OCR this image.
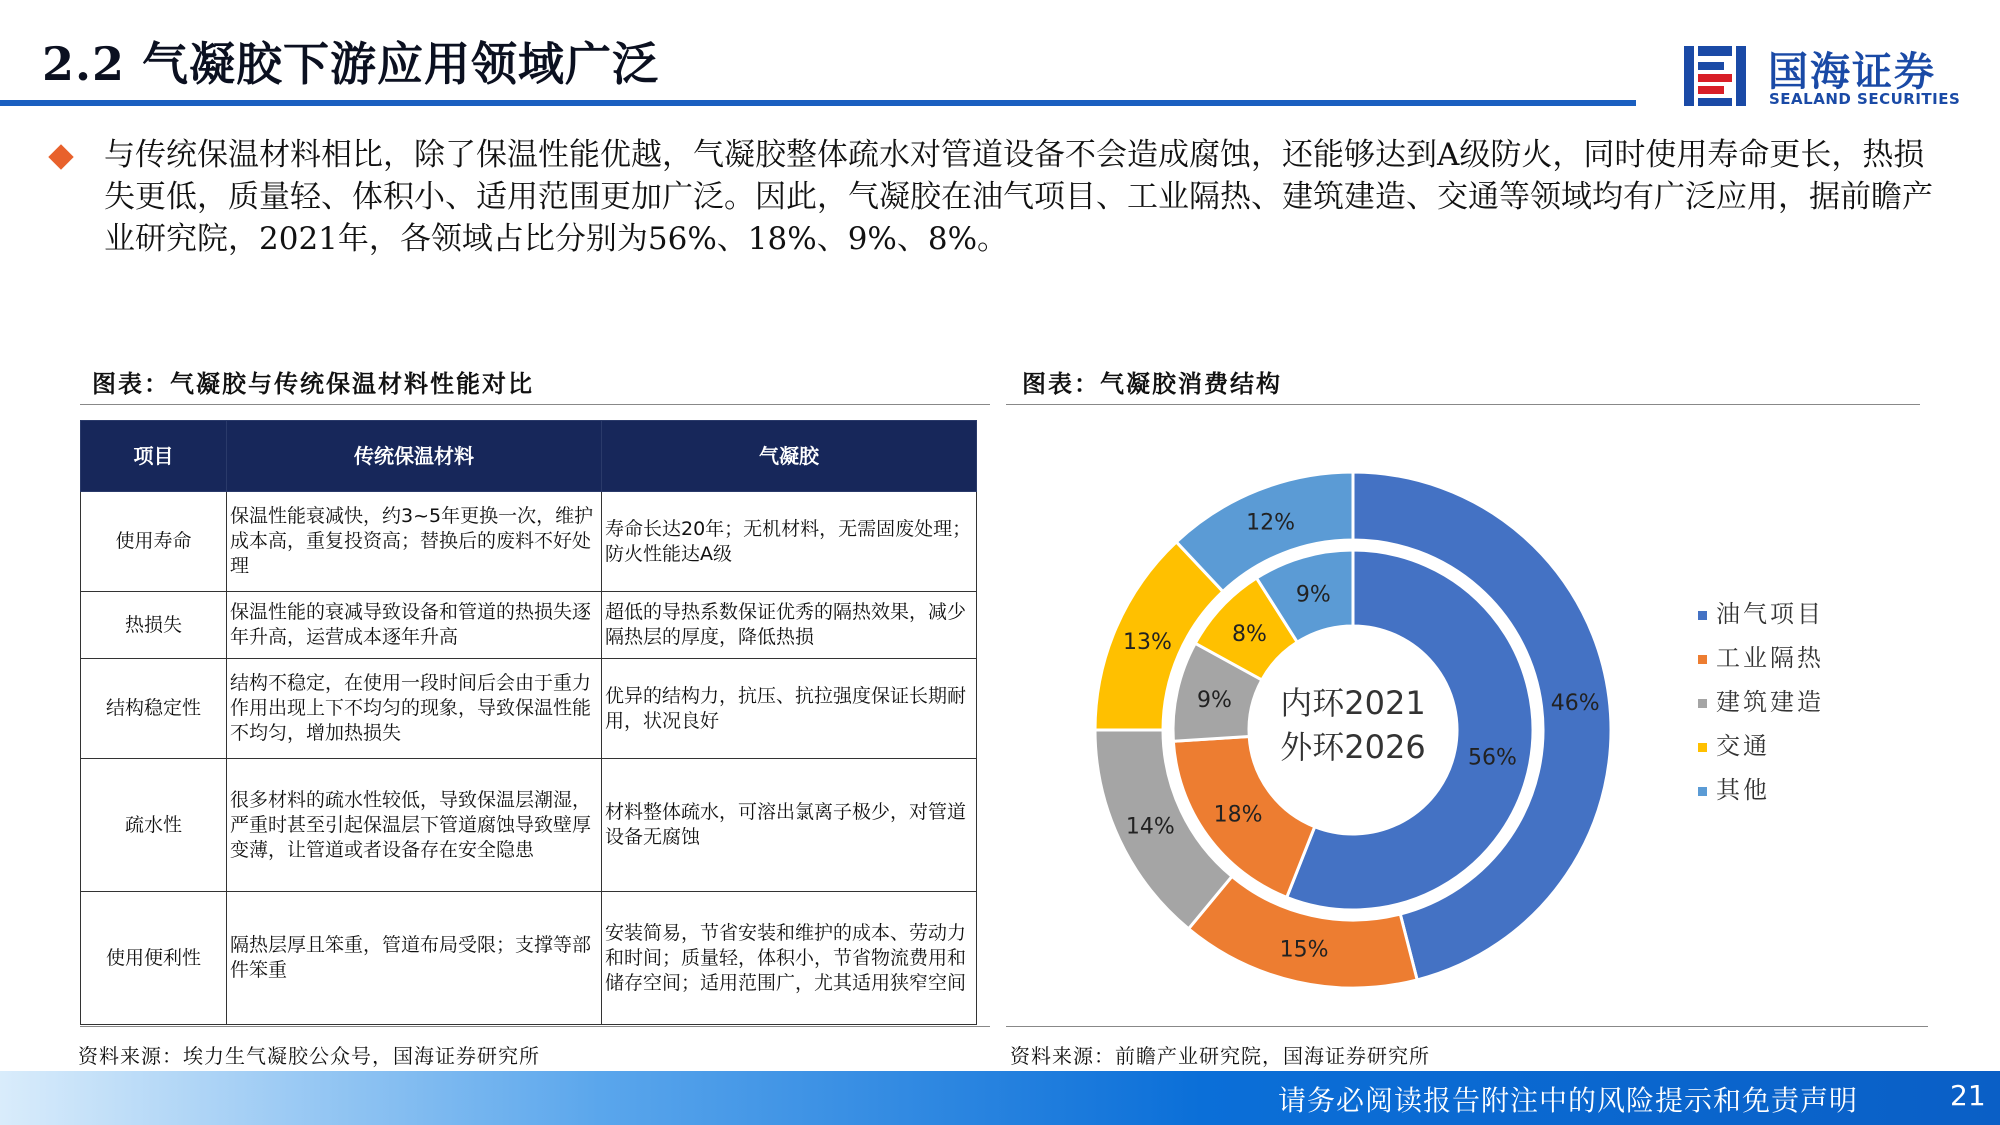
2.2 气凝胶下游应用领域广泛	国海证券
SEALAND SECURITIES
与传统保温材料相比，除了保温性能优越，气凝胶整体疏水对管道设备不会造成腐蚀，还能够达到A级防火，同时使用寿命更长，热损失更低，质量轻、体积小、适用范围更加广泛。因此，气凝胶在油气项目、工业隔热、建筑建造、交通等领域均有广泛应用，据前瞻产业研究院，2021年，各领域占比分别为56%、18%、9%、8%。
图表：气凝胶与传统保温材料性能对比	图表：气凝胶消费结构
项目	传统保温材料	气凝胶
使用寿命	保温性能衰减快，约3~5年更换一次，维护成本高，重复投资高；替换后的废料不好处理	寿命长达20年；无机材料，无需固废处理；防火性能达A级
热损失	保温性能的衰减导致设备和管道的热损失逐年升高，运营成本逐年升高	超低的导热系数保证优秀的隔热效果，减少隔热层的厚度，降低热损
结构稳定性	结构不稳定，在使用一段时间后会由于重力作用出现上下不均匀的现象，导致保温性能不均匀，增加热损失	优异的结构力，抗压、抗拉强度保证长期耐用，状况良好
疏水性	很多材料的疏水性较低，导致保温层潮湿，严重时甚至引起保温层下管道腐蚀导致壁厚变薄，让管道或者设备存在安全隐患	材料整体疏水，可溶出氯离子极少，对管道设备无腐蚀
使用便利性	隔热层厚且笨重，管道布局受限；支撑等部件笨重	安装简易，节省安装和维护的成本、劳动力和时间；质量轻，体积小，节省物流费用和储存空间；适用范围广，尤其适用狭窄空间
资料来源：埃力生气凝胶公众号，国海证券研究所
56%
18%
9%
8%
9%
46%
15%
14%
13%
12%
内环2021
外环2026
油气项目
工业隔热
建筑建造
交通
其他
资料来源：前瞻产业研究院，国海证券研究所
请务必阅读报告附注中的风险提示和免责声明	21
